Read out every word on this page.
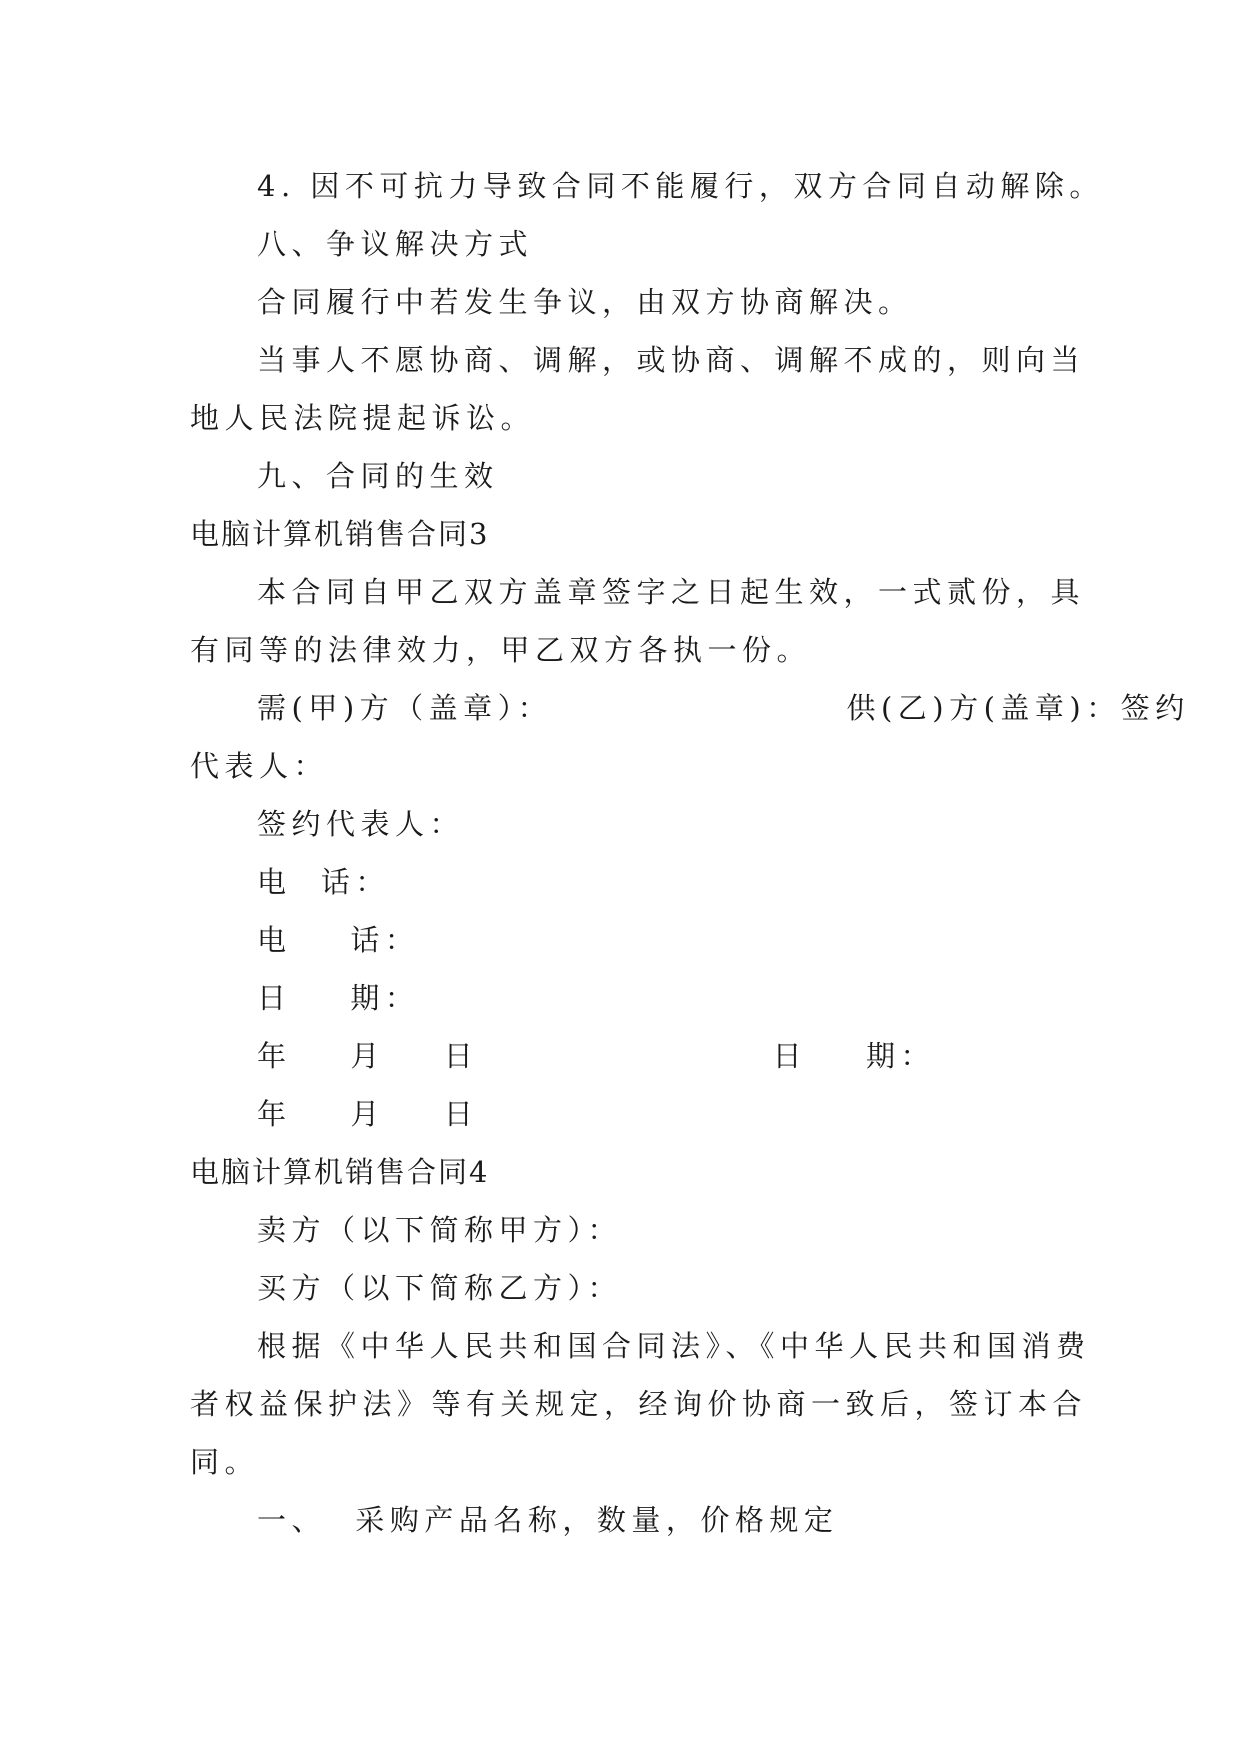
4. 因不可抗力导致合同不能履行，双方合同自动解除。
八、争议解决方式
合同履行中若发生争议，由双方协商解决。
当事人不愿协商、调解，或协商、调解不成的，则向当
地人民法院提起诉讼。
九、合同的生效
电脑计算机销售合同3
本合同自甲乙双方盖章签字之日起生效，一式贰份，具
有同等的法律效力，甲乙双方各执一份。
需(甲)方（盖章）：                    供(乙)方(盖章)：签约
代表人：
签约代表人：
电  话：
电    话：
日    期：
年    月    日                    日    期：
年    月    日
电脑计算机销售合同4
卖方（以下简称甲方）：
买方（以下简称乙方）：
根据《中华人民共和国合同法》、《中华人民共和国消费
者权益保护法》等有关规定，经询价协商一致后，签订本合
同。
一、  采购产品名称，数量，价格规定
